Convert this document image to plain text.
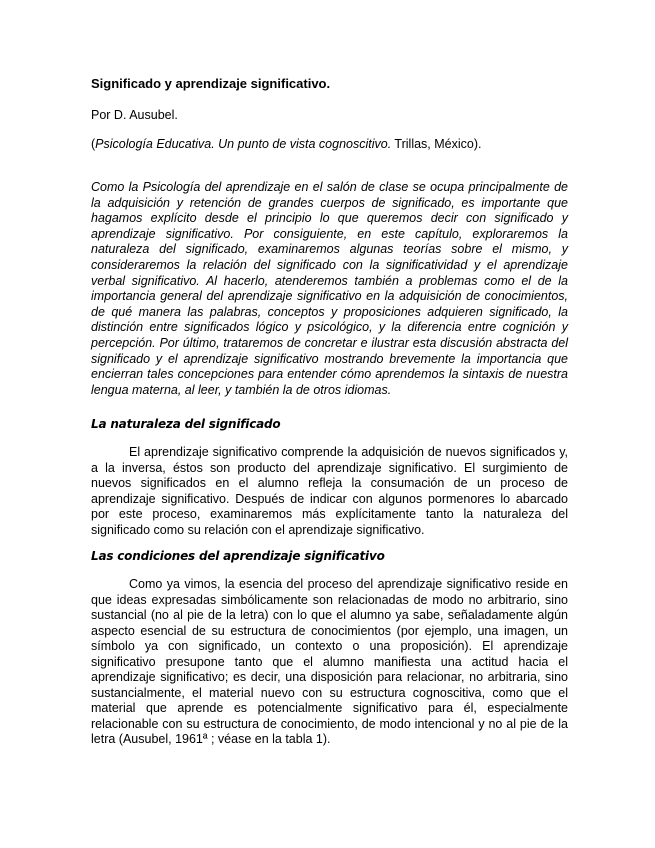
Significado y aprendizaje significativo.

Por D. Ausubel.

(Psicología Educativa. Un punto de vista cognoscitivo. Trillas, México).

Como la Psicología del aprendizaje en el salón de clase se ocupa principalmente de la adquisición y retención de grandes cuerpos de significado, es importante que hagamos explícito desde el principio lo que queremos decir con significado y aprendizaje significativo. Por consiguiente, en este capítulo, exploraremos la naturaleza del significado, examinaremos algunas teorías sobre el mismo, y consideraremos la relación del significado con la significatividad y el aprendizaje verbal significativo. Al hacerlo, atenderemos también a problemas como el de la importancia general del aprendizaje significativo en la adquisición de conocimientos, de qué manera las palabras, conceptos y proposiciones adquieren significado, la distinción entre significados lógico y psicológico, y la diferencia entre cognición y percepción. Por último, trataremos de concretar e ilustrar esta discusión abstracta del significado y el aprendizaje significativo mostrando brevemente la importancia que encierran tales concepciones para entender cómo aprendemos la sintaxis de nuestra lengua materna, al leer, y también la de otros idiomas.

La naturaleza del significado

El aprendizaje significativo comprende la adquisición de nuevos significados y, a la inversa, éstos son producto del aprendizaje significativo. El surgimiento de nuevos significados en el alumno refleja la consumación de un proceso de aprendizaje significativo. Después de indicar con algunos pormenores lo abarcado por este proceso, examinaremos más explícitamente tanto la naturaleza del significado como su relación con el aprendizaje significativo.

Las condiciones del aprendizaje significativo

Como ya vimos, la esencia del proceso del aprendizaje significativo reside en que ideas expresadas simbólicamente son relacionadas de modo no arbitrario, sino sustancial (no al pie de la letra) con lo que el alumno ya sabe, señaladamente algún aspecto esencial de su estructura de conocimientos (por ejemplo, una imagen, un símbolo ya con significado, un contexto o una proposición). El aprendizaje significativo presupone tanto que el alumno manifiesta una actitud hacia el aprendizaje significativo; es decir, una disposición para relacionar, no arbitraria, sino sustancialmente, el material nuevo con su estructura cognoscitiva, como que el material que aprende es potencialmente significativo para él, especialmente relacionable con su estructura de conocimiento, de modo intencional y no al pie de la letra (Ausubel, 1961ª ; véase en la tabla 1).
